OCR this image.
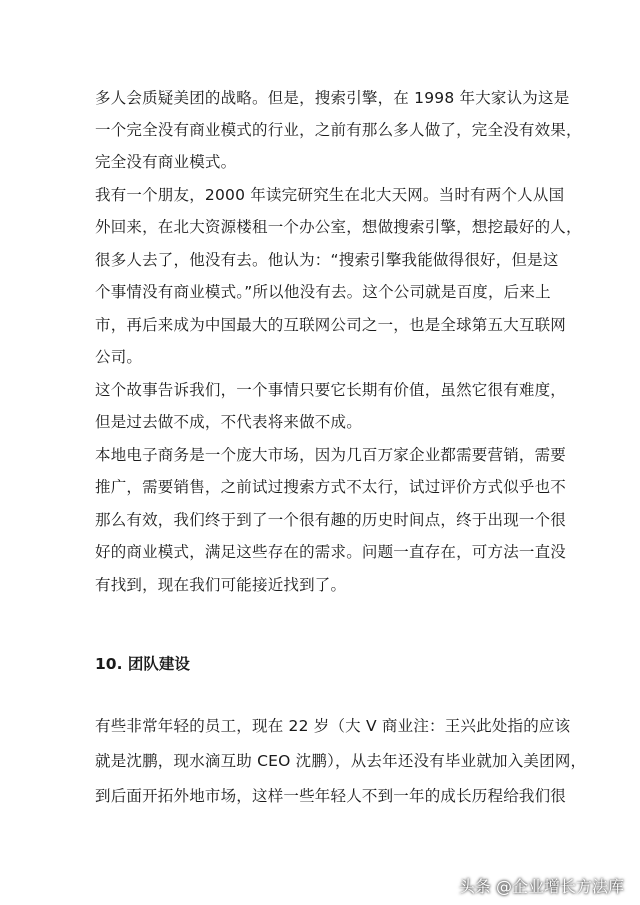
多人会质疑美团的战略。但是，搜索引擎，在 1998 年大家认为这是
一个完全没有商业模式的行业，之前有那么多人做了，完全没有效果，
完全没有商业模式。
我有一个朋友，2000 年读完研究生在北大天网。当时有两个人从国
外回来，在北大资源楼租一个办公室，想做搜索引擎，想挖最好的人，
很多人去了，他没有去。他认为：“搜索引擎我能做得很好，但是这
个事情没有商业模式。”所以他没有去。这个公司就是百度，后来上
市，再后来成为中国最大的互联网公司之一，也是全球第五大互联网
公司。
这个故事告诉我们，一个事情只要它长期有价值，虽然它很有难度，
但是过去做不成，不代表将来做不成。
本地电子商务是一个庞大市场，因为几百万家企业都需要营销，需要
推广，需要销售，之前试过搜索方式不太行，试过评价方式似乎也不
那么有效，我们终于到了一个很有趣的历史时间点，终于出现一个很
好的商业模式，满足这些存在的需求。问题一直存在，可方法一直没
有找到，现在我们可能接近找到了。
10. 团队建设
有些非常年轻的员工，现在 22 岁（大 V 商业注：王兴此处指的应该
就是沈鹏，现水滴互助 CEO 沈鹏），从去年还没有毕业就加入美团网，
到后面开拓外地市场，这样一些年轻人不到一年的成长历程给我们很
头条 @企业增长方法库
